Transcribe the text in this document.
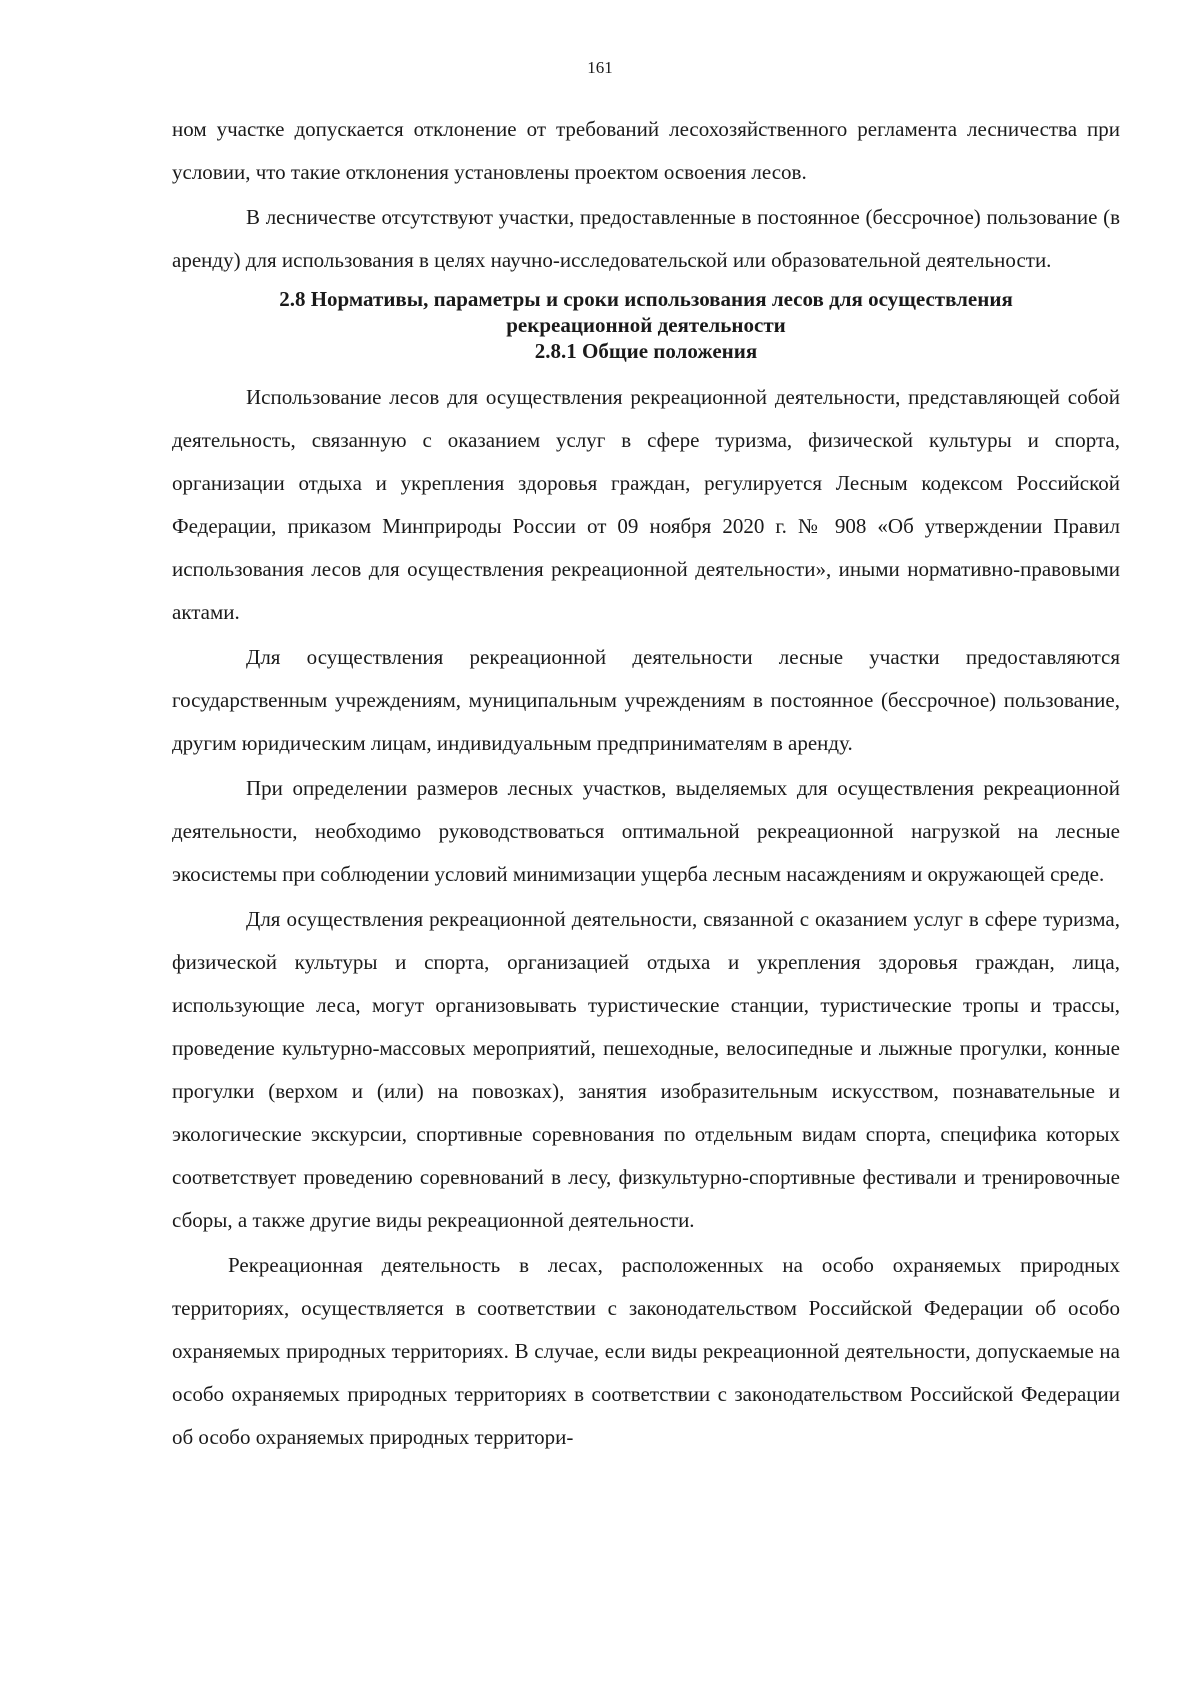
161

ном участке допускается отклонение от требований лесохозяйственного регламента лесничества при условии, что такие отклонения установлены проектом освоения лесов.

В лесничестве отсутствуют участки, предоставленные в постоянное (бессрочное) пользование (в аренду) для использования в целях научно-исследовательской или образовательной деятельности.

2.8 Нормативы, параметры и сроки использования лесов для осуществления
рекреационной деятельности
2.8.1 Общие положения

Использование лесов для осуществления рекреационной деятельности, представляющей собой деятельность, связанную с оказанием услуг в сфере туризма, физической культуры и спорта, организации отдыха и укрепления здоровья граждан, регулируется Лесным кодексом Российской Федерации, приказом Минприроды России от 09 ноября 2020 г. № 908 «Об утверждении Правил использования лесов для осуществления рекреационной деятельности», иными нормативно-правовыми актами.

Для осуществления рекреационной деятельности лесные участки предоставляются государственным учреждениям, муниципальным учреждениям в постоянное (бессрочное) пользование, другим юридическим лицам, индивидуальным предпринимателям в аренду.

При определении размеров лесных участков, выделяемых для осуществления рекреационной деятельности, необходимо руководствоваться оптимальной рекреационной нагрузкой на лесные экосистемы при соблюдении условий минимизации ущерба лесным насаждениям и окружающей среде.

Для осуществления рекреационной деятельности, связанной с оказанием услуг в сфере туризма, физической культуры и спорта, организацией отдыха и укрепления здоровья граждан, лица, использующие леса, могут организовывать туристические станции, туристические тропы и трассы, проведение культурно-массовых мероприятий, пешеходные, велосипедные и лыжные прогулки, конные прогулки (верхом и (или) на повозках), занятия изобразительным искусством, познавательные и экологические экскурсии, спортивные соревнования по отдельным видам спорта, специфика которых соответствует проведению соревнований в лесу, физкультурно-спортивные фестивали и тренировочные сборы, а также другие виды рекреационной деятельности.

Рекреационная деятельность в лесах, расположенных на особо охраняемых природных территориях, осуществляется в соответствии с законодательством Российской Федерации об особо охраняемых природных территориях. В случае, если виды рекреационной деятельности, допускаемые на особо охраняемых природных территориях в соответствии с законодательством Российской Федерации об особо охраняемых природных территори-
